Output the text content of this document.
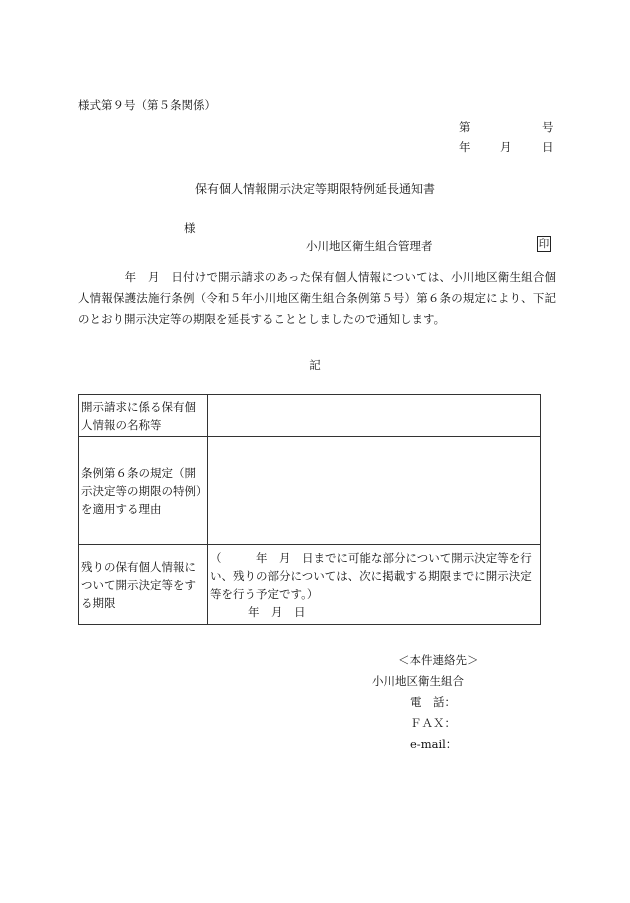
様式第９号（第５条関係）
第	号
年	月	日
保有個人情報開示決定等期限特例延長通知書
様
小川地区衛生組合管理者	印

　　　　年　月　日付けで開示請求のあった保有個人情報については、小川地区衛生組合個人情報保護法施行条例（令和５年小川地区衛生組合条例第５号）第６条の規定により、下記のとおり開示決定等の期限を延長することとしましたので通知します。

記
開示請求に係る保有個人情報の名称等	
条例第６条の規定（開示決定等の期限の特例）を適用する理由	
残りの保有個人情報について開示決定等をする期限	（　　　年　月　日までに可能な部分について開示決定等を行い、残りの部分については、次に掲載する期限までに開示決定等を行う予定です。）
年　月　日
＜本件連絡先＞
小川地区衛生組合
電　話：
ＦＡＸ：
e-mail：
